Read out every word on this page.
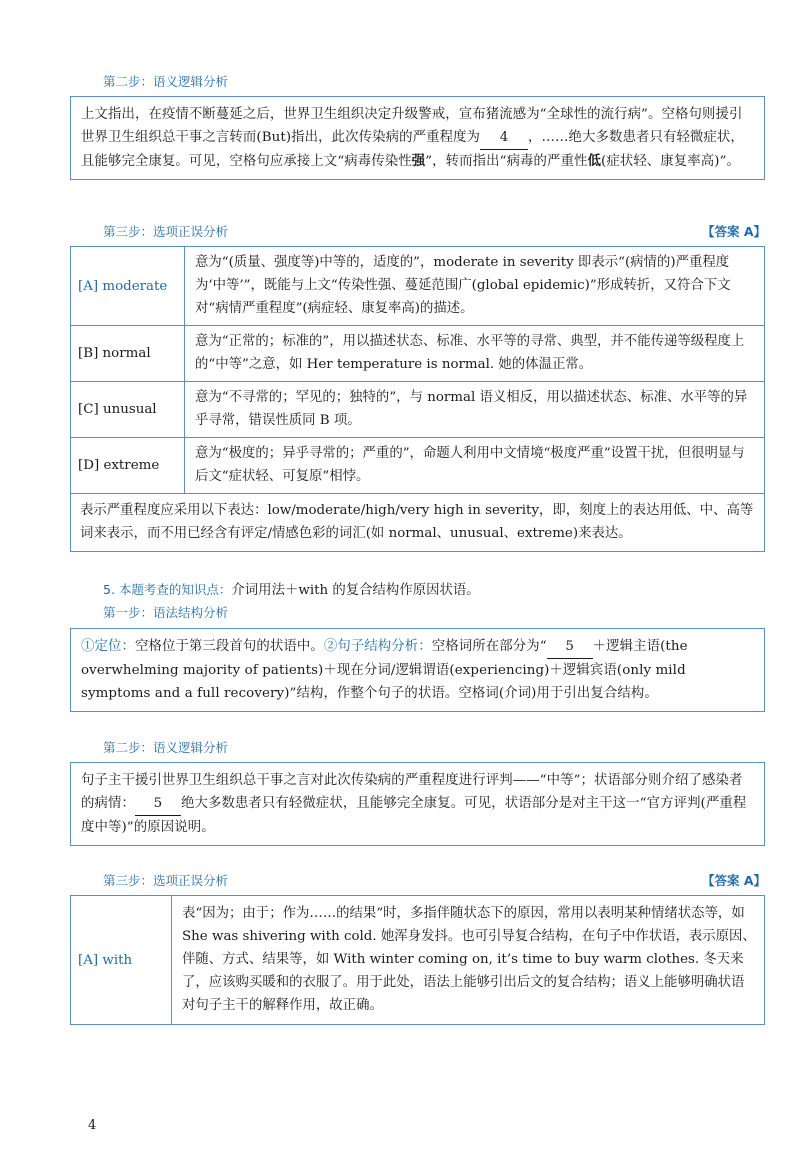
第二步：语义逻辑分析
上文指出，在疫情不断蔓延之后，世界卫生组织决定升级警戒，宣布猪流感为“全球性的流行病”。空格句则援引世界卫生组织总干事之言转而(But)指出，此次传染病的严重程度为 4 ，……绝大多数患者只有轻微症状，且能够完全康复。可见，空格句应承接上文“病毒传染性强”，转而指出“病毒的严重性低(症状轻、康复率高)”。
第三步：选项正误分析	【答案 A】
[A] moderate	意为“(质量、强度等)中等的，适度的”，moderate in severity 即表示“(病情的)严重程度为‘中等’”，既能与上文“传染性强、蔓延范围广(global epidemic)”形成转折，又符合下文对“病情严重程度”(病症轻、康复率高)的描述。
[B] normal	意为“正常的；标准的”，用以描述状态、标准、水平等的寻常、典型，并不能传递等级程度上的“中等”之意，如 Her temperature is normal. 她的体温正常。
[C] unusual	意为“不寻常的；罕见的；独特的”，与 normal 语义相反，用以描述状态、标准、水平等的异乎寻常，错误性质同 B 项。
[D] extreme	意为“极度的；异乎寻常的；严重的”，命题人利用中文情境“极度严重”设置干扰，但很明显与后文“症状轻、可复原”相悖。
表示严重程度应采用以下表达：low/moderate/high/very high in severity，即，刻度上的表达用低、中、高等词来表示，而不用已经含有评定/情感色彩的词汇(如 normal、unusual、extreme)来表达。	
5. 本题考查的知识点：介词用法＋with 的复合结构作原因状语。
第一步：语法结构分析
①定位：空格位于第三段首句的状语中。②句子结构分析：空格词所在部分为“ 5 ＋逻辑主语(the overwhelming majority of patients)＋现在分词/逻辑谓语(experiencing)＋逻辑宾语(only mild symptoms and a full recovery)”结构，作整个句子的状语。空格词(介词)用于引出复合结构。
第二步：语义逻辑分析
句子主干援引世界卫生组织总干事之言对此次传染病的严重程度进行评判——“中等”；状语部分则介绍了感染者的病情： 5 绝大多数患者只有轻微症状，且能够完全康复。可见，状语部分是对主干这一“官方评判(严重程度中等)”的原因说明。
第三步：选项正误分析	【答案 A】
[A] with	表“因为；由于；作为……的结果”时，多指伴随状态下的原因，常用以表明某种情绪状态等，如 She was shivering with cold. 她浑身发抖。也可引导复合结构，在句子中作状语，表示原因、伴随、方式、结果等，如 With winter coming on, it’s time to buy warm clothes. 冬天来了，应该购买暖和的衣服了。用于此处，语法上能够引出后文的复合结构；语义上能够明确状语对句子主干的解释作用，故正确。
4
